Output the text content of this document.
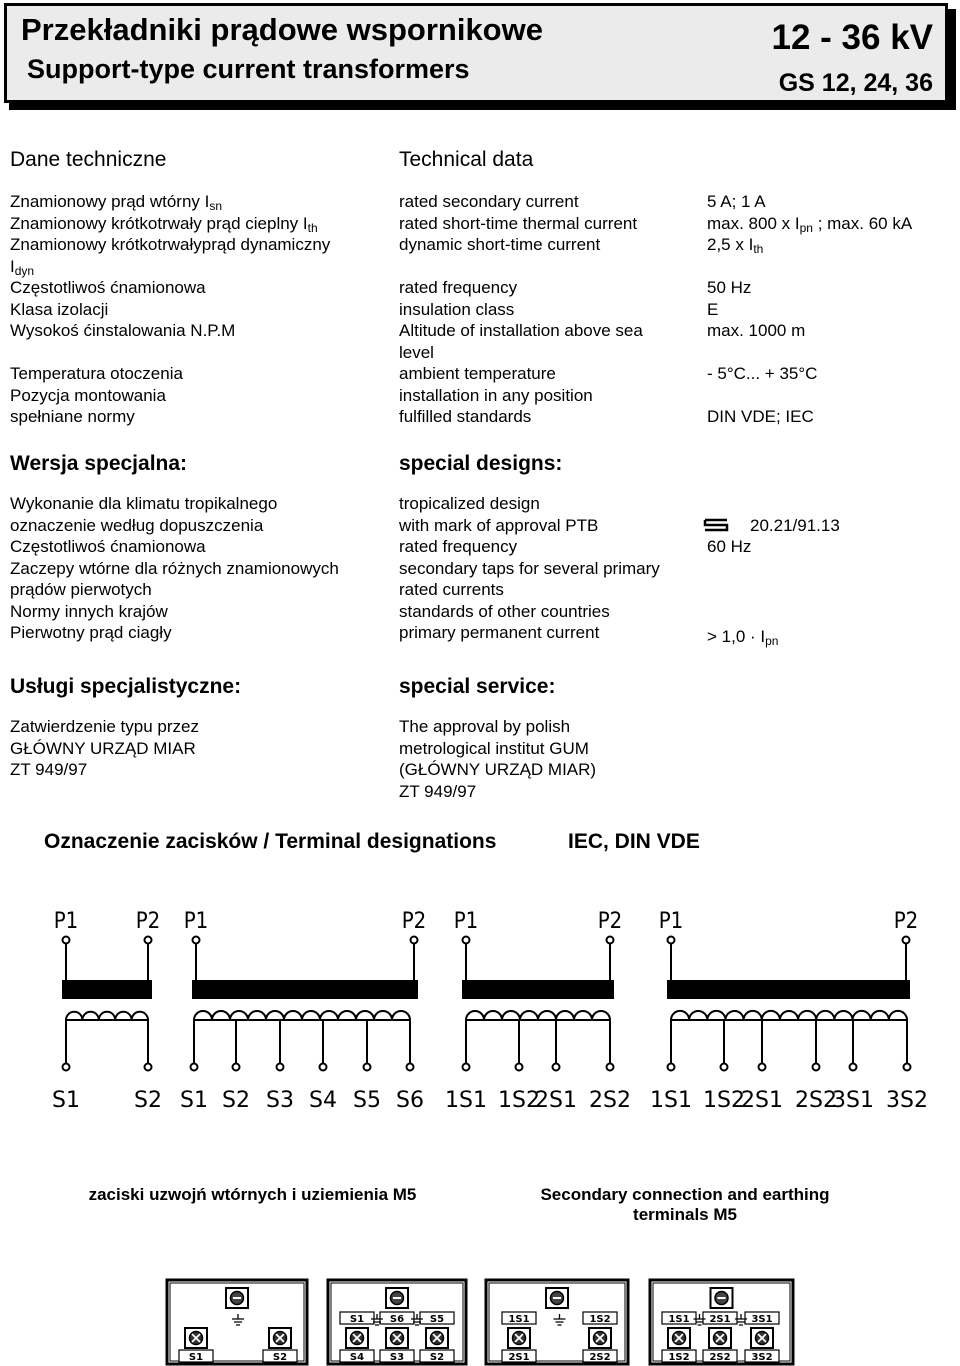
Przekładniki prądowe wspornikowe
Support-type current transformers
12 - 36 kV
GS 12, 24, 36
Dane techniczne	Technical data
Znamionowy prąd wtórny $I_{sn}$	rated secondary current	5 A; 1 A
Znamionowy krótkotrwały prąd cieplny $I_{th}$	rated short-time thermal current	max. 800 x $I_{pn}$ ; max. 60 kA
Znamionowy krótkotrwałyprąd dynamiczny	dynamic short-time current	2,5 x $I_{th}$
$I_{dyn}$
Częstotliwoś ćnamionowa	rated frequency	50 Hz
Klasa izolacji	insulation class	E
Wysokoś ćinstalowania N.P.M	Altitude of installation above sea	max. 1000 m
level
Temperatura otoczenia	ambient temperature	- 5°C... + 35°C
Pozycja montowania	installation in any position
spełniane normy	fulfilled standards	DIN VDE; IEC
Wersja specjalna:	special designs:
Wykonanie dla klimatu tropikalnego	tropicalized design
oznaczenie według dopuszczenia	with mark of approval PTB	20.21/91.13
Częstotliwoś ćnamionowa	rated frequency	60 Hz
Zaczepy wtórne dla różnych znamionowych	secondary taps for several primary
prądów pierwotych	rated currents
Normy innych krajów	standards of other countries
Pierwotny prąd ciagły	primary permanent current	> $1,0 \cdot I_{pn}$
Usługi specjalistyczne:	special service:
Zatwierdzenie typu przez
GŁÓWNY URZĄD MIAR
ZT 949/97
The approval by polish
metrological institut GUM
(GŁÓWNY URZĄD MIAR)
ZT 949/97
Oznaczenie zacisków / Terminal designations	IEC, DIN VDE
P1	P2
S1 S2
P1	P2
S1 S2 S3 S4 S5 S6
P1	P2
1S1 1S2
2S1 2S2
P1	P2
1S1 1S2
2S1 2S2
3S1 3S2
zaciski uzwojń wtórnych i uziemienia M5	Secondary connection and earthing terminals M5
S1	S2
S1	S6	S5
S4	S3	S2
1S1	1S2
2S1	2S2
1S1 2S1 3S1
1S2 2S2 3S2
